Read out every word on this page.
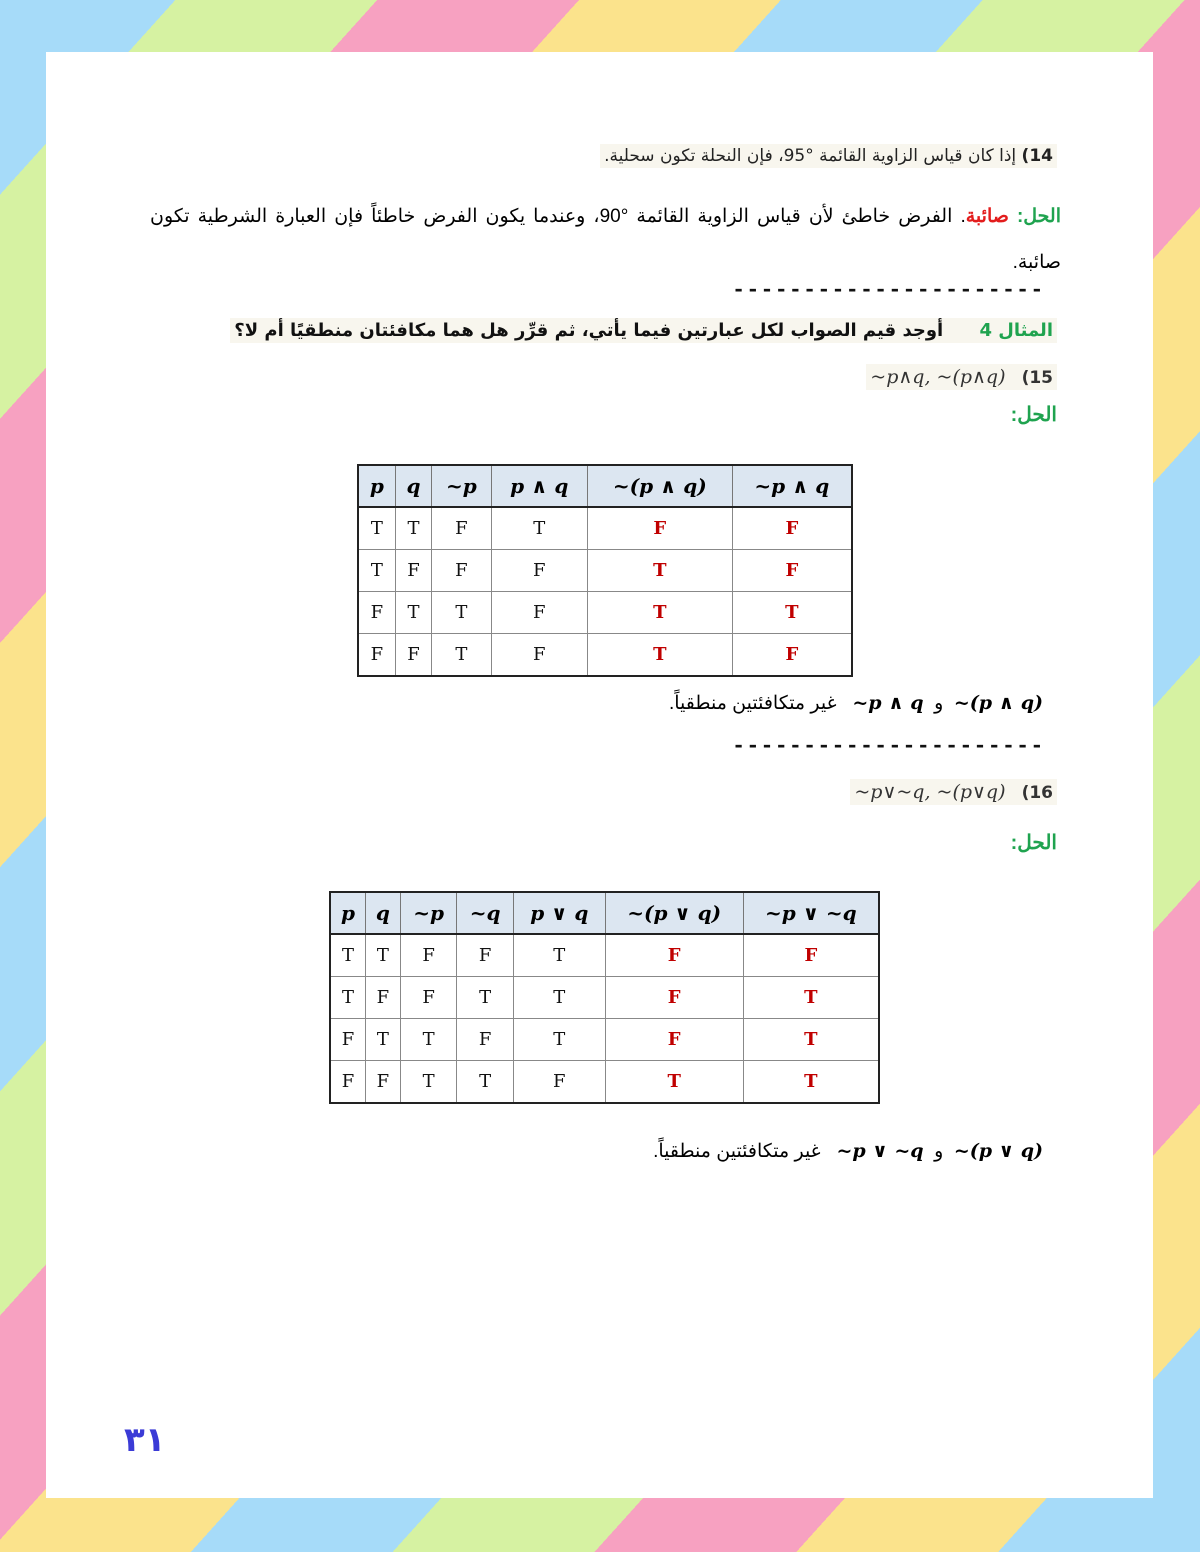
14) إذا كان قياس الزاوية القائمة °95، فإن النحلة تكون سحلية.
الحل: صائبة. الفرض خاطئ لأن قياس الزاوية القائمة °90، وعندما يكون الفرض خاطئاً فإن العبارة الشرطية تكون صائبة.
----------------------
المثال 4 أوجد قيم الصواب لكل عبارتين فيما يأتي، ثم قرِّر هل هما مكافئتان منطقيًا أم لا؟
~p∧q, ~(p∧q) (15
الحل:
p	q	~p	p ∧ q	~(p ∧ q)	~p ∧ q
T	T	F	T	F	F
T	F	F	F	T	F
F	T	T	F	T	T
F	F	T	F	T	F
~(p ∧ q)  و  ~p ∧ q   غير متكافئتين منطقياً.
----------------------
~p∨~q, ~(p∨q) (16
الحل:
p	q	~p	~q	p ∨ q	~(p ∨ q)	~p ∨ ~q
T	T	F	F	T	F	F
T	F	F	T	T	F	T
F	T	T	F	T	F	T
F	F	T	T	F	T	T
~(p ∨ q)  و  ~p ∨ ~q   غير متكافئتين منطقياً.
٣١
